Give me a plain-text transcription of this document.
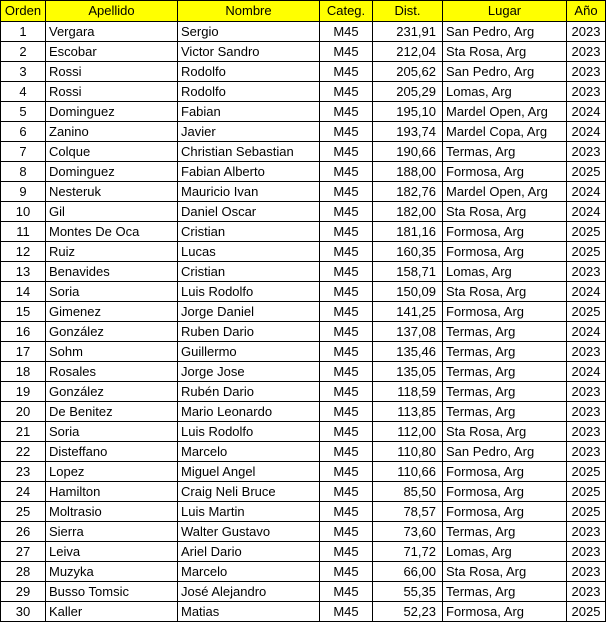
Orden	Apellido	Nombre	Categ.	Dist.	Lugar	Año
1	Vergara	Sergio	M45	231,91	San Pedro, Arg	2023
2	Escobar	Victor Sandro	M45	212,04	Sta Rosa, Arg	2023
3	Rossi	Rodolfo	M45	205,62	San Pedro, Arg	2023
4	Rossi	Rodolfo	M45	205,29	Lomas, Arg	2023
5	Dominguez	Fabian	M45	195,10	Mardel Open, Arg	2024
6	Zanino	Javier	M45	193,74	Mardel Copa, Arg	2024
7	Colque	Christian Sebastian	M45	190,66	Termas, Arg	2023
8	Dominguez	Fabian Alberto	M45	188,00	Formosa, Arg	2025
9	Nesteruk	Mauricio Ivan	M45	182,76	Mardel Open, Arg	2024
10	Gil	Daniel Oscar	M45	182,00	Sta Rosa, Arg	2024
11	Montes De Oca	Cristian	M45	181,16	Formosa, Arg	2025
12	Ruiz	Lucas	M45	160,35	Formosa, Arg	2025
13	Benavides	Cristian	M45	158,71	Lomas, Arg	2023
14	Soria	Luis Rodolfo	M45	150,09	Sta Rosa, Arg	2024
15	Gimenez	Jorge Daniel	M45	141,25	Formosa, Arg	2025
16	González	Ruben Dario	M45	137,08	Termas, Arg	2024
17	Sohm	Guillermo	M45	135,46	Termas, Arg	2023
18	Rosales	Jorge Jose	M45	135,05	Termas, Arg	2024
19	González	Rubén Dario	M45	118,59	Termas, Arg	2023
20	De Benitez	Mario Leonardo	M45	113,85	Termas, Arg	2023
21	Soria	Luis Rodolfo	M45	112,00	Sta Rosa, Arg	2023
22	Disteffano	Marcelo	M45	110,80	San Pedro, Arg	2023
23	Lopez	Miguel Angel	M45	110,66	Formosa, Arg	2025
24	Hamilton	Craig Neli Bruce	M45	85,50	Formosa, Arg	2025
25	Moltrasio	Luis Martin	M45	78,57	Formosa, Arg	2025
26	Sierra	Walter Gustavo	M45	73,60	Termas, Arg	2023
27	Leiva	Ariel Dario	M45	71,72	Lomas, Arg	2023
28	Muzyka	Marcelo	M45	66,00	Sta Rosa, Arg	2023
29	Busso Tomsic	José Alejandro	M45	55,35	Termas, Arg	2023
30	Kaller	Matias	M45	52,23	Formosa, Arg	2025
